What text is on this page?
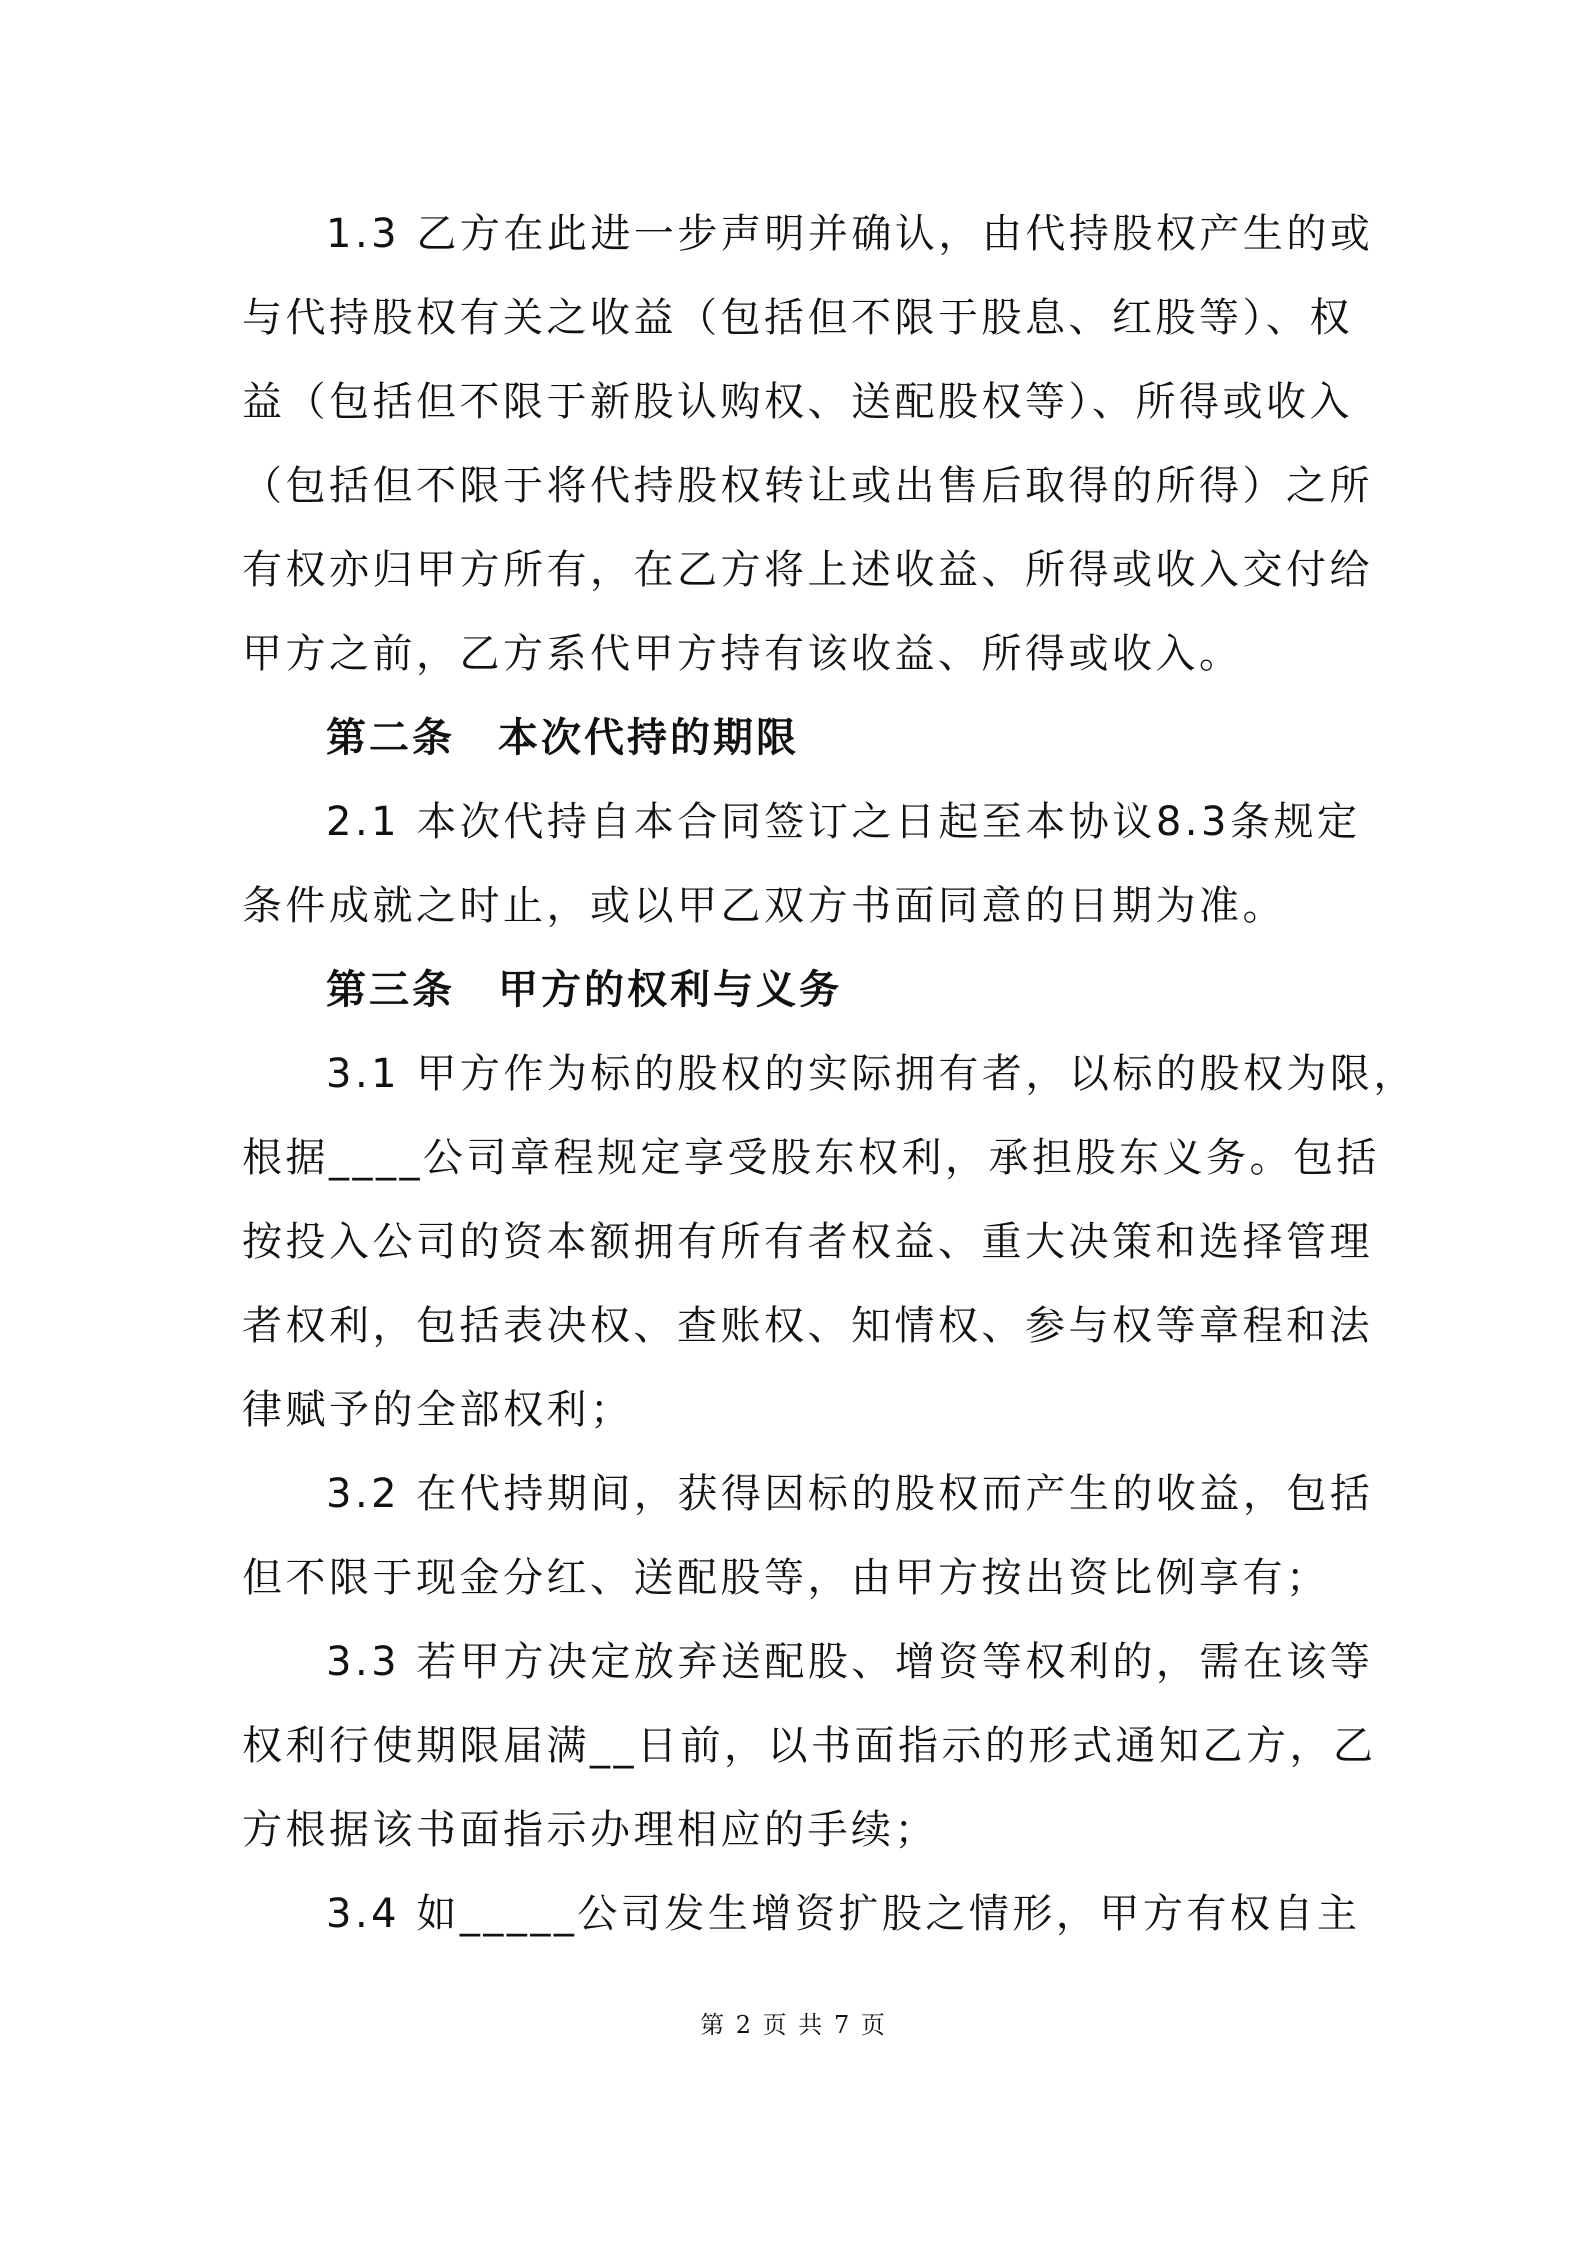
1.3 乙方在此进一步声明并确认，由代持股权产生的或
与代持股权有关之收益（包括但不限于股息、红股等）、权
益（包括但不限于新股认购权、送配股权等）、所得或收入
（包括但不限于将代持股权转让或出售后取得的所得）之所
有权亦归甲方所有，在乙方将上述收益、所得或收入交付给
甲方之前，乙方系代甲方持有该收益、所得或收入。
第二条　本次代持的期限
2.1 本次代持自本合同签订之日起至本协议8.3条规定
条件成就之时止，或以甲乙双方书面同意的日期为准。
第三条　甲方的权利与义务
3.1 甲方作为标的股权的实际拥有者，以标的股权为限，
根据____公司章程规定享受股东权利，承担股东义务。包括
按投入公司的资本额拥有所有者权益、重大决策和选择管理
者权利，包括表决权、查账权、知情权、参与权等章程和法
律赋予的全部权利；
3.2 在代持期间，获得因标的股权而产生的收益，包括
但不限于现金分红、送配股等，由甲方按出资比例享有；
3.3 若甲方决定放弃送配股、增资等权利的，需在该等
权利行使期限届满__日前，以书面指示的形式通知乙方，乙
方根据该书面指示办理相应的手续；
3.4 如_____公司发生增资扩股之情形，甲方有权自主
第 2 页 共 7 页
